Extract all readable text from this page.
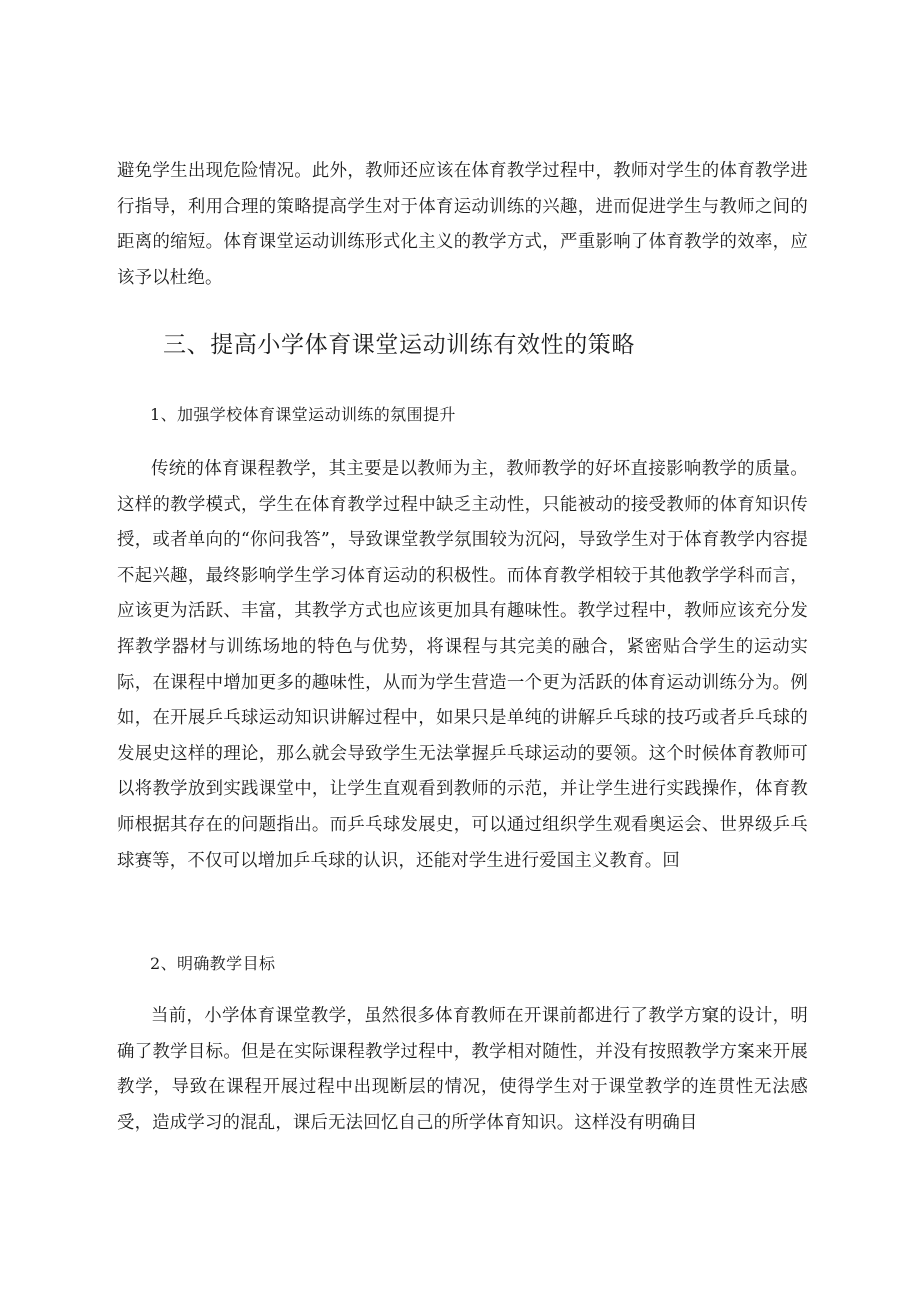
避免学生出现危险情况。此外，教师还应该在体育教学过程中，教师对学生的体育教学进行指导，利用合理的策略提高学生对于体育运动训练的兴趣，进而促进学生与教师之间的距离的缩短。体育课堂运动训练形式化主义的教学方式，严重影响了体育教学的效率，应该予以杜绝。

三、提高小学体育课堂运动训练有效性的策略
1、加强学校体育课堂运动训练的氛围提升

传统的体育课程教学，其主要是以教师为主，教师教学的好坏直接影响教学的质量。这样的教学模式，学生在体育教学过程中缺乏主动性，只能被动的接受教师的体育知识传授，或者单向的“你问我答”，导致课堂教学氛围较为沉闷，导致学生对于体育教学内容提不起兴趣，最终影响学生学习体育运动的积极性。而体育教学相较于其他教学学科而言，应该更为活跃、丰富，其教学方式也应该更加具有趣味性。教学过程中，教师应该充分发挥教学器材与训练场地的特色与优势，将课程与其完美的融合，紧密贴合学生的运动实际，在课程中增加更多的趣味性，从而为学生营造一个更为活跃的体育运动训练分为。例如，在开展乒乓球运动知识讲解过程中，如果只是单纯的讲解乒乓球的技巧或者乒乓球的发展史这样的理论，那么就会导致学生无法掌握乒乓球运动的要领。这个时候体育教师可以将教学放到实践课堂中，让学生直观看到教师的示范，并让学生进行实践操作，体育教师根据其存在的问题指出。而乒乓球发展史，可以通过组织学生观看奥运会、世界级乒乓球赛等，不仅可以增加乒乓球的认识，还能对学生进行爱国主义教育。回

2、明确教学目标

当前，小学体育课堂教学，虽然很多体育教师在开课前都进行了教学方窠的设计，明确了教学目标。但是在实际课程教学过程中，教学相对随性，并没有按照教学方案来开展教学，导致在课程开展过程中出现断层的情况，使得学生对于课堂教学的连贯性无法感受，造成学习的混乱，课后无法回忆自己的所学体育知识。这样没有明确目
